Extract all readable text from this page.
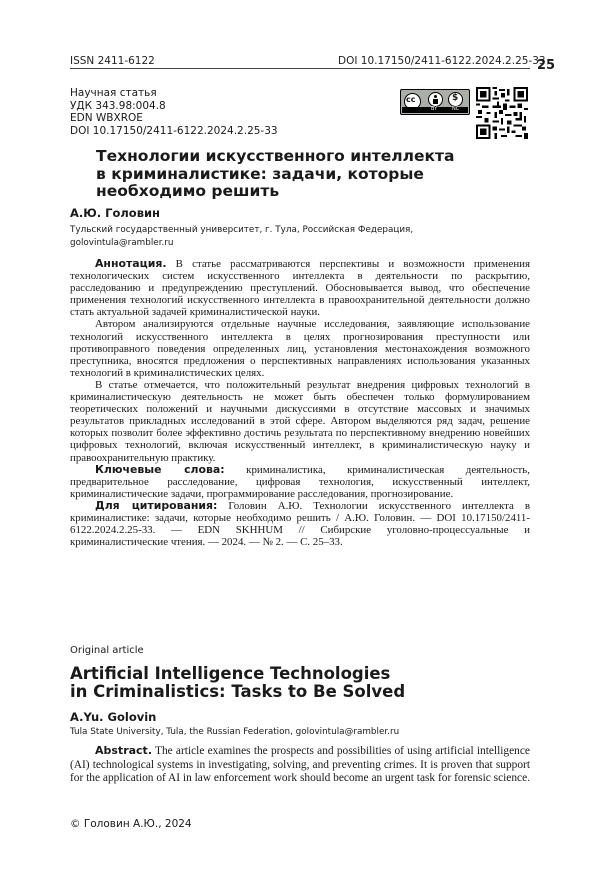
ISSN 2411-6122	DOI 10.17150/2411-6122.2024.2.25-33
25
Научная статья
УДК 343.98:004.8
EDN WBXROE
DOI 10.17150/2411-6122.2024.2.25-33
cc	$
BY	NC
Технологии искусственного интеллекта
в криминалистике: задачи, которые
необходимо решить
А.Ю. Головин
Тульский государственный университет, г. Тула, Российская Федерация,
golovintula@rambler.ru

Аннотация. В статье рассматриваются перспективы и возможности применения технологических систем искусственного интеллекта в деятельности по раскрытию, расследованию и предупреждению преступлений. Обосновывается вывод, что обеспечение применения технологий искусственного интеллекта в правоохранительной деятельности должно стать актуальной задачей криминалистической науки.

Автором анализируются отдельные научные исследования, заявляющие использование технологий искусственного интеллекта в целях прогнозирования преступности или противоправного поведения определенных лиц, установления местонахождения возможного преступника, вносятся предложения о перспективных направлениях использования указанных технологий в криминалистических целях.

В статье отмечается, что положительный результат внедрения цифровых технологий в криминалистическую деятельность не может быть обеспечен только формулированием теоретических положений и научными дискуссиями в отсутствие массовых и значимых результатов прикладных исследований в этой сфере. Автором выделяются ряд задач, решение которых позволит более эффективно достичь результата по перспективному внедрению новейших цифровых технологий, включая искусственный интеллект, в криминалистическую науку и правоохранительную практику.

Ключевые слова: криминалистика, криминалистическая деятельность, предварительное расследование, цифровая технология, искусственный интеллект, криминалистические задачи, программирование расследования, прогнозирование.

Для цитирования: Головин А.Ю. Технологии искусственного интеллекта в криминалистике: задачи, которые необходимо решить / А.Ю. Головин. — DOI 10.17150/2411-6122.2024.2.25-33. — EDN SKHHUM // Сибирские уголовно-процессуальные и криминалистические чтения. — 2024. — № 2. — С. 25–33.

Original article
Artificial Intelligence Technologies
in Criminalistics: Tasks to Be Solved
A.Yu. Golovin
Tula State University, Tula, the Russian Federation, golovintula@rambler.ru
Abstract. The article examines the prospects and possibilities of using artificial intelligence (AI) technological systems in investigating, solving, and preventing crimes. It is proven that support for the application of AI in law enforcement work should become an urgent task for forensic science.
© Головин А.Ю., 2024
